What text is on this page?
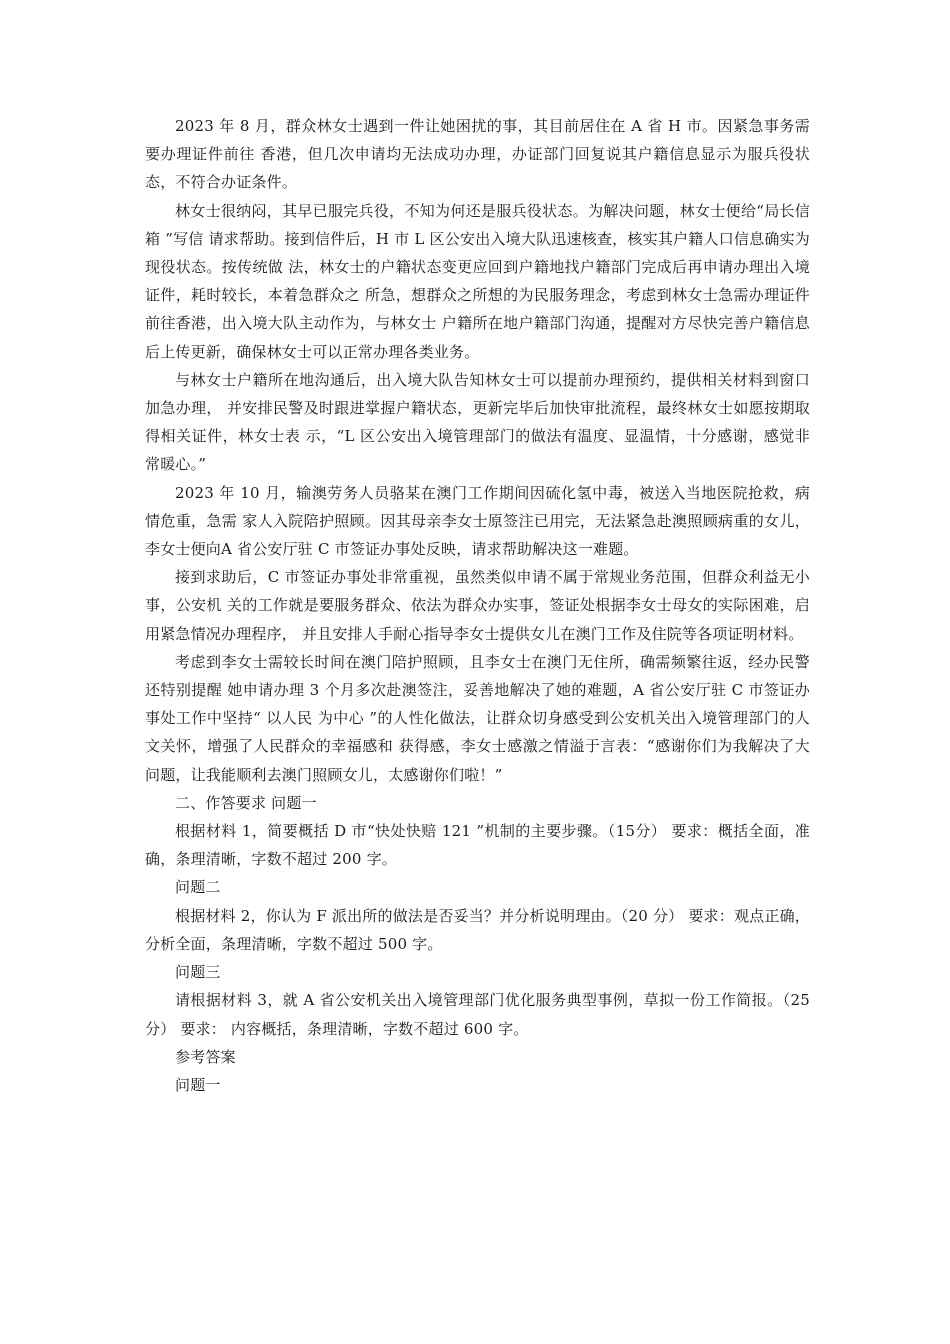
2023 年 8 月，群众林女士遇到一件让她困扰的事，其目前居住在 A 省 H 市。因紧急事务需要办理证件前往 香港，但几次申请均无法成功办理，办证部门回复说其户籍信息显示为服兵役状态，不符合办证条件。

林女士很纳闷，其早已服完兵役，不知为何还是服兵役状态。为解决问题，林女士便给“局长信箱 ”写信 请求帮助。接到信件后，H 市 L 区公安出入境大队迅速核查，核实其户籍人口信息确实为现役状态。按传统做 法，林女士的户籍状态变更应回到户籍地找户籍部门完成后再申请办理出入境证件，耗时较长，本着急群众之 所急，想群众之所想的为民服务理念，考虑到林女士急需办理证件前往香港，出入境大队主动作为，与林女士 户籍所在地户籍部门沟通，提醒对方尽快完善户籍信息后上传更新，确保林女士可以正常办理各类业务。

与林女士户籍所在地沟通后，出入境大队告知林女士可以提前办理预约，提供相关材料到窗口加急办理， 并安排民警及时跟进掌握户籍状态，更新完毕后加快审批流程，最终林女士如愿按期取得相关证件，林女士表 示，“L 区公安出入境管理部门的做法有温度、显温情，十分感谢，感觉非常暖心。”

2023 年 10 月，输澳劳务人员骆某在澳门工作期间因硫化氢中毒，被送入当地医院抢救，病情危重，急需 家人入院陪护照顾。因其母亲李女士原签注已用完，无法紧急赴澳照顾病重的女儿，李女士便向A 省公安厅驻 C 市签证办事处反映，请求帮助解决这一难题。

接到求助后，C 市签证办事处非常重视，虽然类似申请不属于常规业务范围，但群众利益无小事，公安机 关的工作就是要服务群众、依法为群众办实事，签证处根据李女士母女的实际困难，启用紧急情况办理程序， 并且安排人手耐心指导李女士提供女儿在澳门工作及住院等各项证明材料。

考虑到李女士需较长时间在澳门陪护照顾，且李女士在澳门无住所，确需频繁往返，经办民警还特别提醒 她申请办理 3 个月多次赴澳签注，妥善地解决了她的难题，A 省公安厅驻 C 市签证办事处工作中坚持“ 以人民 为中心 ”的人性化做法，让群众切身感受到公安机关出入境管理部门的人文关怀，增强了人民群众的幸福感和 获得感，李女士感激之情溢于言表：“感谢你们为我解决了大问题，让我能顺利去澳门照顾女儿，太感谢你们啦！”

二、作答要求 问题一

根据材料 1，简要概括 D 市“快处快赔 121 ”机制的主要步骤。（15分） 要求：概括全面，准确，条理清晰，字数不超过 200 字。

问题二

根据材料 2，你认为 F 派出所的做法是否妥当？并分析说明理由。（20 分） 要求：观点正确，分析全面，条理清晰，字数不超过 500 字。

问题三

请根据材料 3，就 A 省公安机关出入境管理部门优化服务典型事例，草拟一份工作简报。（25 分） 要求： 内容概括，条理清晰，字数不超过 600 字。

参考答案

问题一
